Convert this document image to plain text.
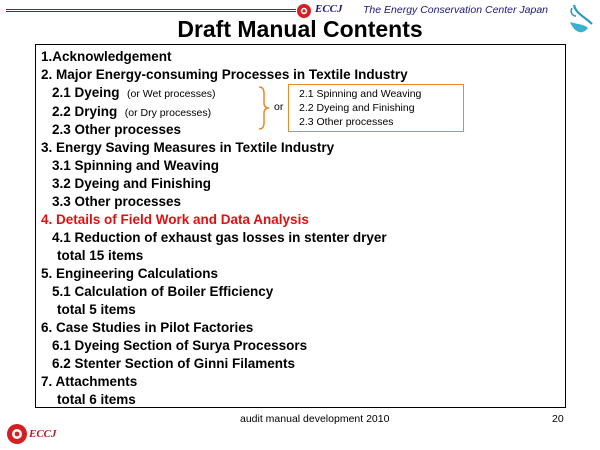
ECCJ The Energy Conservation Center Japan
Draft Manual Contents
1.Acknowledgement
2. Major Energy-consuming Processes in Textile Industry
2.1 Dyeing (or Wet processes)
2.2 Drying (or Dry processes)
2.3 Other processes
3. Energy Saving Measures in Textile Industry
3.1 Spinning and Weaving
3.2 Dyeing and Finishing
3.3 Other processes
4. Details of Field Work and Data Analysis
4.1 Reduction of exhaust gas losses in stenter dryer
total 15 items
5. Engineering Calculations
5.1 Calculation of Boiler Efficiency
total 5 items
6. Case Studies in Pilot Factories
6.1 Dyeing Section of Surya Processors
6.2 Stenter Section of Ginni Filaments
7. Attachments
total 6 items
or
2.1 Spinning and Weaving
2.2 Dyeing and Finishing
2.3 Other processes
audit manual development 2010	20
ECCJ
